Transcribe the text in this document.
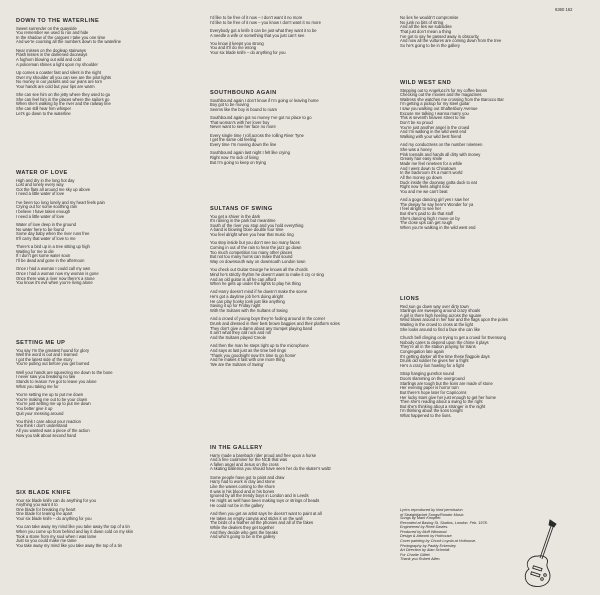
6360 162
DOWN TO THE WATERLINE
Sweet surrender on the quayside
You remember we used to run and hide
In the shadow of the cargoes I take you one time
And we’re counting all the numbers down to the waterline
Near misses on the dogleap stairways
Flash kisses in the darkened doorways
A foghorn blowing out wild and cold
A policeman shines a light upon my shoulder
Up comes a coaster fast and silent in the night
Over my shoulder all you can see are the pilot lights
No money in our jackets and our jeans are torn
Your hands are cold but your lips are warm
She can see him on the jetty where they used to go
She can feel him in the places where the sailors go
When she’s walking by the river and the railway line
She can still hear him whisper
Let’s go down to the waterline
WATER OF LOVE
High and dry in the long hot day
Lost and lonely every way
Got the flats all around me sky up above
I need a little water of love
I’ve been too long lonely and my heart feels pain
Crying out for some soothing rain
I believe I have taken enough
I need a little water of love
Water of love deep in the ground
No water here to be found
Some day baby when the river runs free
It’ll carry that water of love to me
There’s a bird up in a tree sitting up high
Waiting for me to die
If I don’t get some water soon
I’ll be dead and gone in the afternoon
Once I had a woman I could call my own
Once I had a woman now my woman is gone
Once there was a river now there’s a stone
You know it’s evil when you’re living alone
SETTING ME UP
You say I’m the greatest hound for glory
Well the word is out and I learned
I got the latest side of the story
You’re pulling out before you get burned
Well your hands are squeezing me down to the bone
I never saw you breaking no law
Stands to reason I’ve got to leave you alone
What you taking me for
You’re setting me up to put me down
You’re making me out to be your clown
You’re just setting me up to put me down
You better give it up
Quit your messing around
You think I care about your reaction
You think I don’t understand
All you wanted was a piece of the action
Now you talk about second hand
SIX BLADE KNIFE
Your six blade knife can do anything for you
Anything you want it to
One blade for breaking my heart
One blade for tearing me apart
Your six blade knife – do anything for you
You can take away my mind like you take away the top of a tin
When you come up from behind and lay it down cold on my skin
Took a stone from my soul when I was lame
Just so you could make me tame
You take away my mind like you take away the top of a tin
I’d like to be free of it now – I don’t want it no more
I’d like to be free of it now – you know I don’t want it no more
Everybody got a knife it can be just what they want it to be
A needle a wife or something that you just can’t see
You know it keeps you strong
You and it’ll do me wrong
Your six blade knife – do anything for you
SOUTHBOUND AGAIN
Southbound again I don’t know if I’m going or leaving home
Boy got to be moving
Seems like the boy is bound to roam
Southbound again got no money I’ve got no place to go
That woman’s with her lover boy
Never want to see her face no more
Every single time I roll across the rolling River Tyne
I get the same old feeling
Every time I’m moving down the line
Southbound again last night I felt like crying
Right now I’m sick of living
But I’m going to keep on trying
SULTANS OF SWING
You get a shiver in the dark
It’s raining in the park but meantime
South of the river you stop and you hold everything
A band is blowing Dixie double four time
You feel alright when you hear that music ring
You step inside but you don’t see too many faces
Coming in out of the rain to hear the jazz go down
Too much competition too many other places
But not too many horns can make that sound
Way on downsouth way on downsouth London town
You check out Guitar George he knows all the chords
Mind he’s strictly rhythm he doesn’t want to make it cry or sing
And an old guitar is all he can afford
When he gets up under the lights to play his thing
And Harry doesn’t mind if he doesn’t make the scene
He’s got a daytime job he’s doing alright
He can play honky tonk just like anything
Saving it up for Friday night
With the Sultans with the Sultans of Swing
And a crowd of young boys they’re fooling around in the corner
Drunk and dressed in their best brown baggies and their platform soles
They don’t give a damn about any trumpet playing band
It ain’t what they call rock and roll
And the Sultans played Creole
And then the man he steps right up to the microphone
And says at last just as the time bell rings
‘Thank you goodnight now it’s time to go home’
And he makes it fast with one more thing
‘We are the Sultans of Swing’
IN THE GALLERY
Harry made a bareback rider proud and free upon a horse
And a fine coalminer for the NCB that was
A fallen angel and Jesus on the cross
A skating ballerina you should have seen her do the skater’s waltz
Some people have got to paint and draw
Harry had to work in clay and stone
Like the waves coming to the shore
It was in his blood and in his bones
Ignored by all the trendy boys in London and in Leeds
He might as well have been making toys or strings of beads
He could not be in the gallery
And then you get an artist says he doesn’t want to paint at all
He takes an empty canvas and sticks it on the wall
The birds of a feather all the phonies and all of the fakes
While the dealers they get together
And they decide who gets the breaks
And who’s going to be in the gallery
No lies he wouldn’t compromise
No junk no bits of string
And all the lies we subsidise
That just don’t mean a thing
I’ve got to say he passed away in obscurity
And now all the vultures are coming down from the tree
So he’s going to be in the gallery
WILD WEST END
Stepping out to Angelucci’s for my coffee beans
Checking out the movies and the magazines
Waitress she watches me crossing from the Barocco Bar
I’m getting a pickup for my steel guitar
I saw you walking out Shaftesbury Avenue
Excuse me talking I wanna marry you
This is seventh heaven street to me
Don’t be so proud
You’re just another angel in the crowd
And I’m walking in the wild west end
Walking with your wild best friend
And my conductress on the number nineteen
She was a honey
Pink toenails and hands all dirty with money
Greasy hair easy smile
Made me feel nineteen for a while
And I went down to Chinatown
In the backroom it’s a man’s world
All the money go down
Duck inside the doorway gotta duck to eat
Right now feels alright now
You and me we can’t beat
And a gogo dancing girl yes I saw her
The deejay he say here’s Wonder for ya
I feel alright to see her
But she’s paid to do that stuff
She’s dancing high I move on by
The close ups can get rough
When you’re walking in the wild west end
LIONS
Red sun go down way over dirty town
Starlings are sweeping around crazy shoals
A girl is there high heeling across the square
Wind blows around in her hair and the flags upon the poles
Waiting in the crowd to cross at the light
She looks around to find a face she can like
Church bell clinging on trying to get a crowd for Evensong
Nobody cares to depend upon the chime it plays
They’re all in the station praying for trains
Congregation late again
It’s getting darker all the time these flagpole days
Drunk old soldier he gives her a fright
He’s a crazy lion howling for a fight
Strap hanging gunshot sound
Doors slamming on the overground
Starlings are tough but the lions are made of stone
Her evening paper is horror turn
But there’s hope later for Capricorns
Her lucky stars give her just enough to get her home
Then she’s reading about a swing to the right
But she’s thinking about a stranger in the night
I’m thinking about the lions tonight
What happened to the lions.
Lyrics reproduced by kind permission
of Straightjacket Songs/Rondor Music.
Songs by Mark Knopfler.
Recorded at Basing St. Studios, London. Feb. 1978.
Engineered by Rhett Davies.
Produced by Muff Winwood.
Design & Artwork by Hothouse.
Cover painting by Chuck Loyola at Hothouse.
Photography by Paddy Eckersley
Art Direction by Alan Schmidt.
For Charlie Gillett.
Thank you Robert Allen.
